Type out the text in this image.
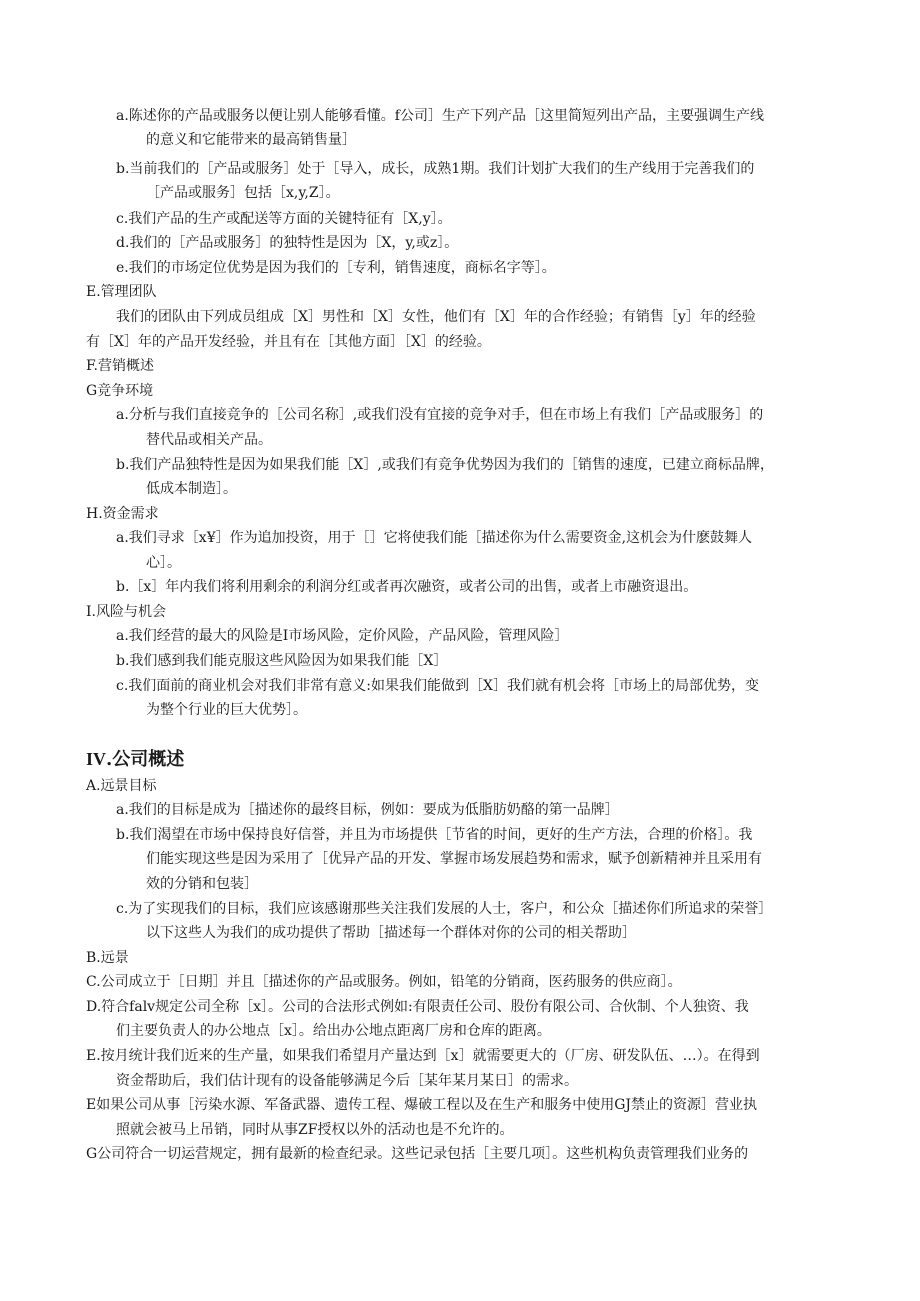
a.陈述你的产品或服务以便让别人能够看懂。f公司］生产下列产品［这里简短列出产品，主要强调生产线

的意义和它能带来的最高销售量］

b.当前我们的［产品或服务］处于［导入，成长，成熟1期。我们计划扩大我们的生产线用于完善我们的

［产品或服务］包括［x,y,Z］。

c.我们产品的生产或配送等方面的关键特征有［X,y］。

d.我们的［产品或服务］的独特性是因为［X，y,或z］。

e.我们的市场定位优势是因为我们的［专利，销售速度，商标名字等］。

E.管理团队

我们的团队由下列成员组成［X］男性和［X］女性，他们有［X］年的合作经验；有销售［y］年的经验

有［X］年的产品开发经验，并且有在［其他方面］［X］的经验。

F.营销概述

G竞争环境

a.分析与我们直接竞争的［公司名称］,或我们没有宜接的竞争对手，但在市场上有我们［产品或服务］的

替代品或相关产品。

b.我们产品独特性是因为如果我们能［X］,或我们有竞争优势因为我们的［销售的速度，已建立商标品牌，

低成本制造］。

H.资金需求

a.我们寻求［x¥］作为追加投资，用于［］它将使我们能［描述你为什么需要资金,这机会为什麽鼓舞人

心］。

b.［x］年内我们将利用剩余的利润分红或者再次融资，或者公司的出售，或者上市融资退出。

I.风险与机会

a.我们经营的最大的风险是I市场风险，定价风险，产品风险，管理风险］

b.我们感到我们能克服这些风险因为如果我们能［X］

c.我们面前的商业机会对我们非常有意义:如果我们能做到［X］我们就有机会将［市场上的局部优势，变

为整个行业的巨大优势］。

IV.公司概述

A.远景目标

a.我们的目标是成为［描述你的最终目标，例如：要成为低脂肪奶酪的第一品牌］

b.我们渴望在市场中保持良好信誉，并且为市场提供［节省的时间，更好的生产方法，合理的价格］。我

们能实现这些是因为采用了［优异产品的开发、掌握市场发展趋势和需求，赋予创新精神并且采用有

效的分销和包装］

c.为了实现我们的目标，我们应该感谢那些关注我们发展的人士，客户，和公众［描述你们所追求的荣誉］

以下这些人为我们的成功提供了帮助［描述每一个群体对你的公司的相关帮助］

B.远景

C.公司成立于［日期］并且［描述你的产品或服务。例如，铅笔的分销商，医药服务的供应商］。

D.符合falv规定公司全称［x］。公司的合法形式例如:有限责任公司、股份有限公司、合伙制、个人独资、我

们主要负责人的办公地点［x］。给出办公地点距离厂房和仓库的距离。

E.按月统计我们近来的生产量，如果我们希望月产量达到［x］就需要更大的（厂房、研发队伍、…）。在得到

资金帮助后，我们估计现有的设备能够满足今后［某年某月某日］的需求。

E如果公司从事［污染水源、军备武器、遗传工程、爆破工程以及在生产和服务中使用GJ禁止的资源］营业执

照就会被马上吊销，同时从事ZF授权以外的活动也是不允许的。

G公司符合一切运营规定，拥有最新的检查纪录。这些记录包括［主要几项］。这些机构负责管理我们业务的
